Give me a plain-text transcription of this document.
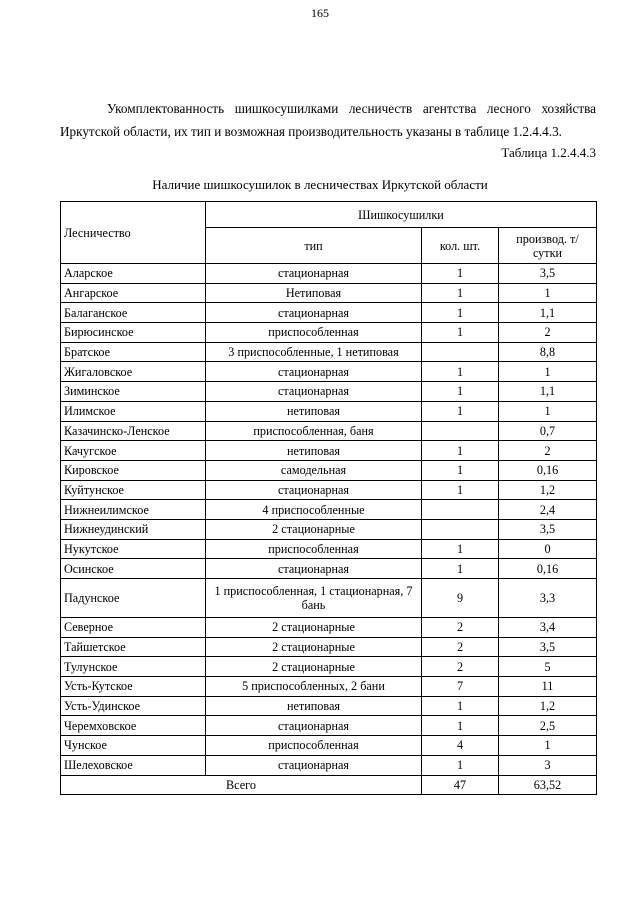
165

Укомплектованность шишкосушилками лесничеств агентства лесного хозяйства Иркутской области, их тип и возможная производительность указаны в таблице 1.2.4.4.3.

Таблица 1.2.4.4.3
Наличие шишкосушилок в лесничествах Иркутской области
Лесничество	Шишкосушилки		
	тип	кол. шт.	производ. т/сутки
Аларское	стационарная	1	3,5
Ангарское	Нетиповая	1	1
Балаганское	стационарная	1	1,1
Бирюсинское	приспособленная	1	2
Братское	3 приспособленные, 1 нетиповая		8,8
Жигаловское	стационарная	1	1
Зиминское	стационарная	1	1,1
Илимское	нетиповая	1	1
Казачинско-Ленское	приспособленная, баня		0,7
Качугское	нетиповая	1	2
Кировское	самодельная	1	0,16
Куйтунское	стационарная	1	1,2
Нижнеилимское	4 приспособленные		2,4
Нижнеудинский	2 стационарные		3,5
Нукутское	приспособленная	1	0
Осинское	стационарная	1	0,16
Падунское	1 приспособленная, 1 стационарная, 7 бань	9	3,3
Северное	2 стационарные	2	3,4
Тайшетское	2 стационарные	2	3,5
Тулунское	2 стационарные	2	5
Усть-Кутское	5 приспособленных, 2 бани	7	11
Усть-Удинское	нетиповая	1	1,2
Черемховское	стационарная	1	2,5
Чунское	приспособленная	4	1
Шелеховское	стационарная	1	3
Всего		47	63,52
